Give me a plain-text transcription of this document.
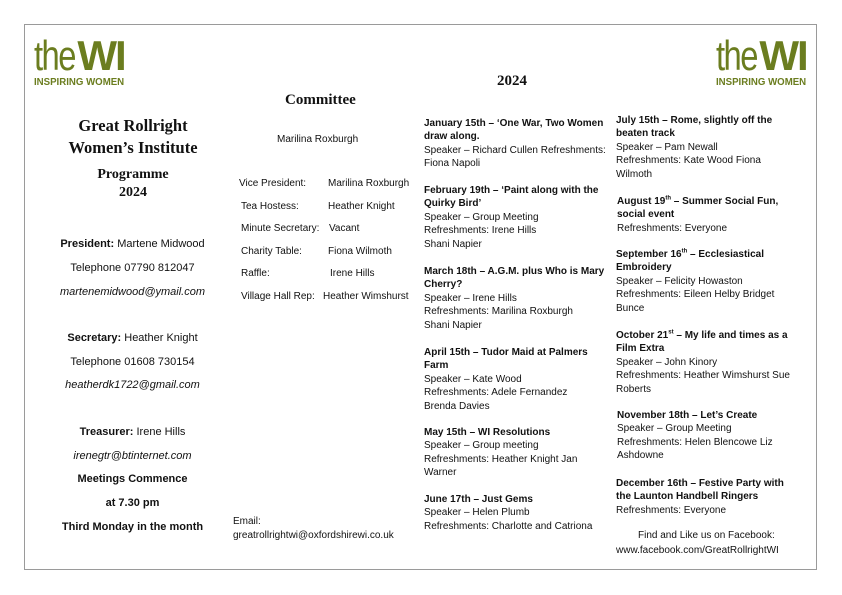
theWI
INSPIRING WOMEN
theWI
INSPIRING WOMEN
Great Rollright
Women’s Institute
Programme
2024
President: Martene Midwood
Telephone 07790 812047
martenemidwood@ymail.com
Secretary: Heather Knight
Telephone 01608 730154
heatherdk1722@gmail.com
Treasurer: Irene Hills
irenegtr@btinternet.com
Meetings Commence
at 7.30 pm
Third Monday in the month
Committee
Marilina Roxburgh
Vice President: Marilina Roxburgh
Tea Hostess:	Heather Knight
Minute Secretary: Vacant
Charity Table:	Fiona Wilmoth
Raffle:	Irene Hills
Village Hall Rep: Heather Wimshurst
Email:
greatrollrightwi@oxfordshirewi.co.uk
2024
January 15th – ‘One War, Two Women draw along.
Speaker – Richard Cullen Refreshments: Fiona Napoli
February 19th – ‘Paint along with the Quirky Bird’
Speaker – Group Meeting
Refreshments: Irene Hills Shani Napier
March 18th – A.G.M. plus Who is Mary Cherry?
Speaker – Irene Hills
Refreshments: Marilina Roxburgh Shani Napier
April 15th – Tudor Maid at Palmers Farm
Speaker – Kate Wood
Refreshments: Adele Fernandez Brenda Davies
May 15th – WI Resolutions
Speaker – Group meeting
Refreshments: Heather Knight Jan Warner
June 17th – Just Gems
Speaker – Helen Plumb
Refreshments: Charlotte and Catriona
July 15th – Rome, slightly off the beaten track
Speaker – Pam Newall
Refreshments: Kate Wood Fiona Wilmoth
August 19th – Summer Social Fun, social event
Refreshments: Everyone
September 16th – Ecclesiastical Embroidery
Speaker – Felicity Howaston
Refreshments: Eileen Helby Bridget Bunce
October 21st – My life and times as a Film Extra
Speaker – John Kinory
Refreshments: Heather Wimshurst Sue Roberts
November 18th – Let’s Create
Speaker – Group Meeting
Refreshments: Helen Blencowe Liz Ashdowne
December 16th – Festive Party with the Launton Handbell Ringers
Refreshments: Everyone
Find and Like us on Facebook:
www.facebook.com/GreatRollrightWI
